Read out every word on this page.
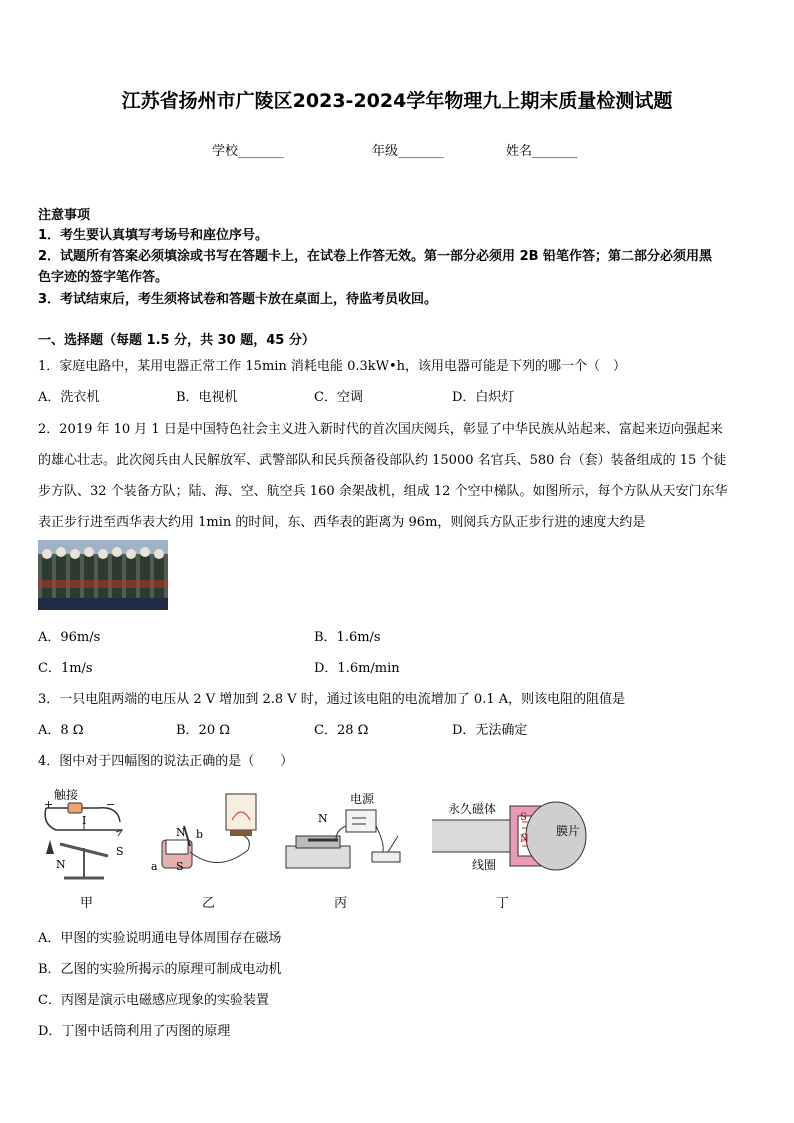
江苏省扬州市广陵区2023-2024学年物理九上期末质量检测试题
学校_______	年级_______	姓名_______
注意事项
1．考生要认真填写考场号和座位序号。
2．试题所有答案必须填涂或书写在答题卡上，在试卷上作答无效。第一部分必须用 2B 铅笔作答；第二部分必须用黑
色字迹的签字笔作答。
3．考试结束后，考生须将试卷和答题卡放在桌面上，待监考员收回。
一、选择题（每题 1.5 分，共 30 题，45 分）
1．家庭电路中，某用电器正常工作 15min 消耗电能 0.3kW•h，该用电器可能是下列的哪一个（　）
A．洗衣机	B．电视机	C．空调	D．白炽灯
2．2019 年 10 月 1 日是中国特色社会主义进入新时代的首次国庆阅兵，彰显了中华民族从站起来、富起来迈向强起来
的雄心壮志。此次阅兵由人民解放军、武警部队和民兵预备役部队约 15000 名官兵、580 台（套）装备组成的 15 个徒
步方队、32 个装备方队；陆、海、空、航空兵 160 余架战机，组成 12 个空中梯队。如图所示，每个方队从天安门东华
表正步行进至西华表大约用 1min 的时间，东、西华表的距离为 96m，则阅兵方队正步行进的速度大约是
A．96m/s	B．1.6m/s
C．1m/s	D．1.6m/min
3．一只电阻两端的电压从 2 V 增加到 2.8 V 时，通过该电阻的电流增加了 0.1 A，则该电阻的阻值是
A．8 Ω	B．20 Ω	C．28 Ω	D．无法确定
4．图中对于四幅图的说法正确的是（　　）
触接
+	−
I
N
S
N b
a S
电源
N
永久磁体
膜片
线圈
S
N
甲	乙	丙	丁
A．甲图的实验说明通电导体周围存在磁场
B．乙图的实验所揭示的原理可制成电动机
C．丙图是演示电磁感应现象的实验装置
D．丁图中话筒利用了丙图的原理
